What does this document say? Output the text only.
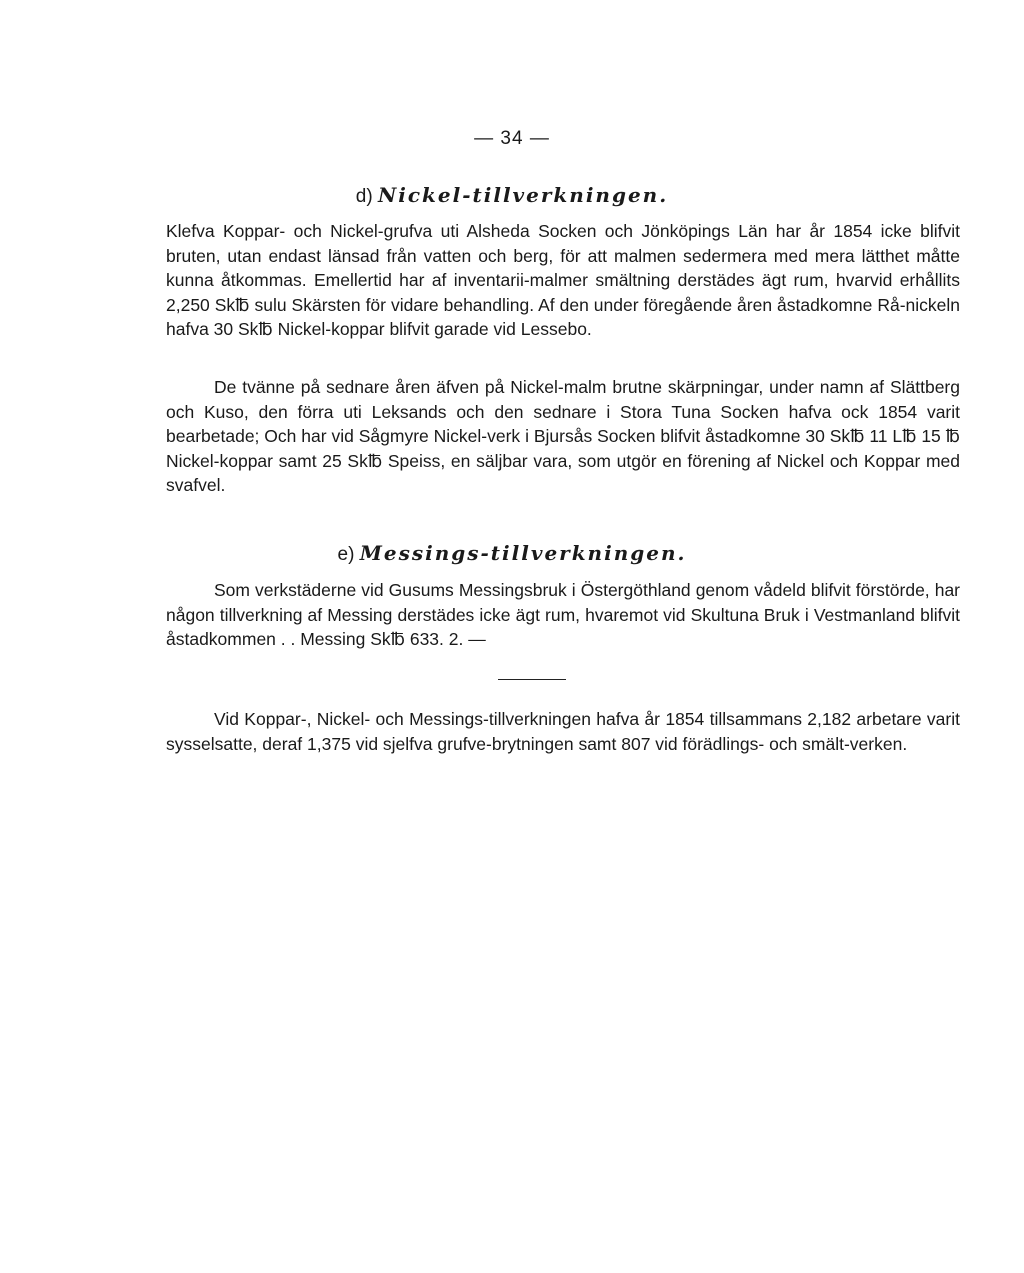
— 34 —
d) Nickel-tillverkningen.

Klefva Koppar- och Nickel-grufva uti Alsheda Socken och Jönköpings Län har år 1854 icke blifvit bruten, utan endast länsad från vatten och berg, för att malmen sedermera med mera lätthet måtte kunna åtkommas. Emellertid har af inventarii-malmer smältning derstädes ägt rum, hvarvid erhållits 2,250 Sk℔ sulu Skärsten för vidare behandling. Af den under föregående åren åstadkomne Rå-nickeln hafva 30 Sk℔ Nickel-koppar blifvit garade vid Lessebo.

De tvänne på sednare åren äfven på Nickel-malm brutne skärpningar, under namn af Slättberg och Kuso, den förra uti Leksands och den sednare i Stora Tuna Socken hafva ock 1854 varit bearbetade; Och har vid Sågmyre Nickel-verk i Bjursås Socken blifvit åstadkomne 30 Sk℔ 11 L℔ 15 ℔ Nickel-koppar samt 25 Sk℔ Speiss, en säljbar vara, som utgör en förening af Nickel och Koppar med svafvel.

e) Messings-tillverkningen.

Som verkstäderne vid Gusums Messingsbruk i Östergöthland genom vådeld blifvit förstörde, har någon tillverkning af Messing derstädes icke ägt rum, hvaremot vid Skultuna Bruk i Vestmanland blifvit åstadkommen . . Messing Sk℔ 633. 2. —

Vid Koppar-, Nickel- och Messings-tillverkningen hafva år 1854 tillsammans 2,182 arbetare varit sysselsatte, deraf 1,375 vid sjelfva grufve-brytningen samt 807 vid förädlings- och smält-verken.
